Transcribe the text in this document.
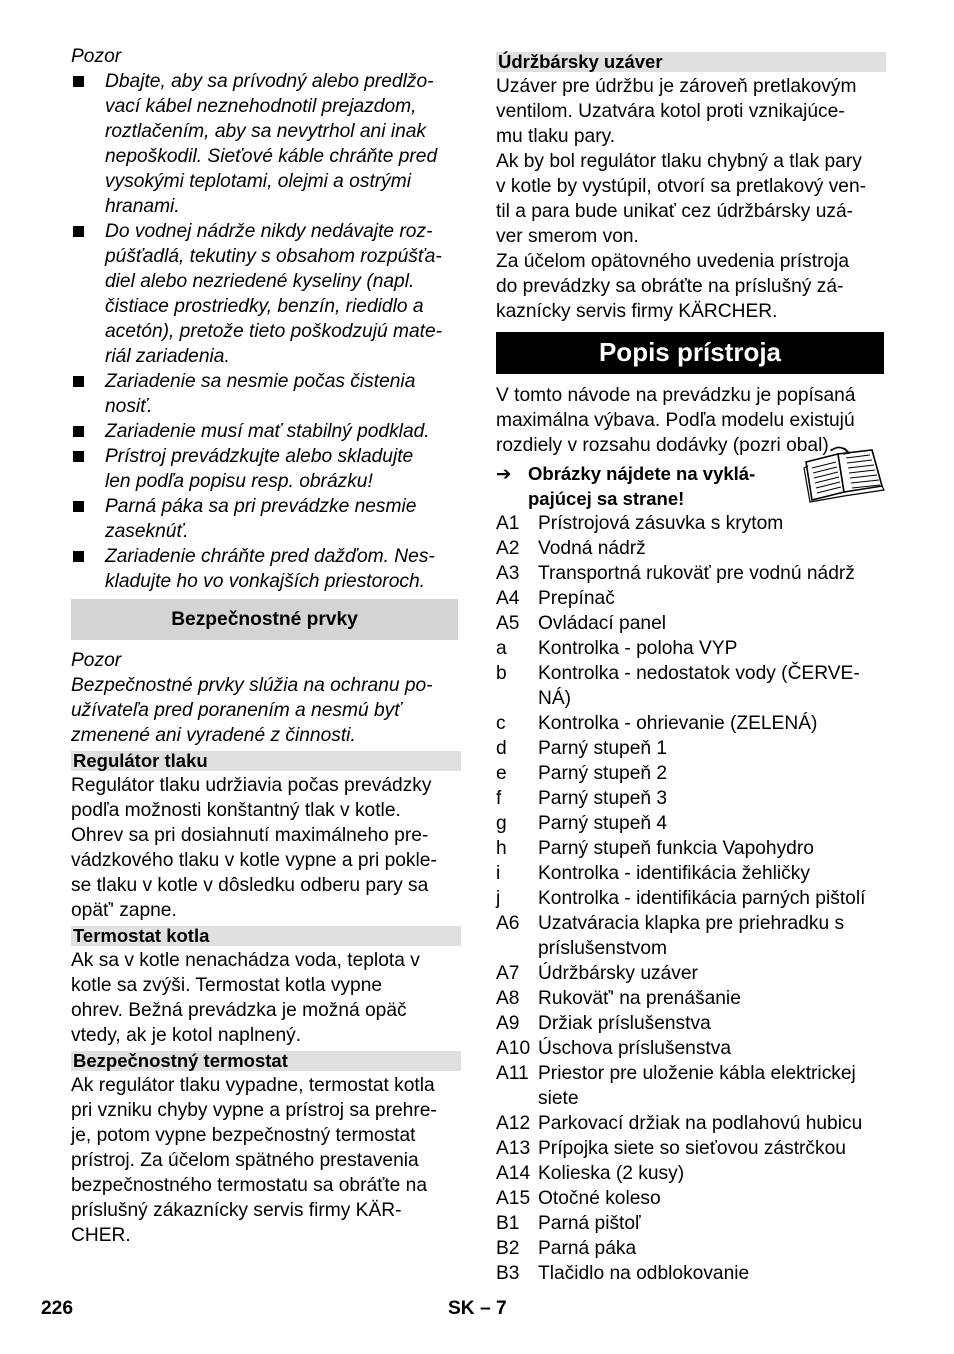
Pozor
Dbajte, aby sa prívodný alebo predlžo-
vací kábel neznehodnotil prejazdom,
roztlačením, aby sa nevytrhol ani inak
nepoškodil. Sieťové káble chráňte pred
vysokými teplotami, olejmi a ostrými
hranami.
Do vodnej nádrže nikdy nedávajte roz-
púšťadlá, tekutiny s obsahom rozpúšťa-
diel alebo nezriedené kyseliny (napl.
čistiace prostriedky, benzín, riedidlo a
acetón), pretože tieto poškodzujú mate-
riál zariadenia.
Zariadenie sa nesmie počas čistenia
nosiť.
Zariadenie musí mať stabilný podklad.
Prístroj prevádzkujte alebo skladujte
len podľa popisu resp. obrázku!
Parná páka sa pri prevádzke nesmie
zaseknúť.
Zariadenie chráňte pred dažďom. Nes-
kladujte ho vo vonkajších priestoroch.
Bezpečnostné prvky
Pozor
Bezpečnostné prvky slúžia na ochranu po-
užívateľa pred poranením a nesmú byť
zmenené ani vyradené z činnosti.
Regulátor tlaku
Regulátor tlaku udržiavia počas prevádzky
podľa možnosti konštantný tlak v kotle.
Ohrev sa pri dosiahnutí maximálneho pre-
vádzkového tlaku v kotle vypne a pri pokle-
se tlaku v kotle v dôsledku odberu pary sa
opäť' zapne.
Termostat kotla
Ak sa v kotle nenachádza voda, teplota v
kotle sa zvýši. Termostat kotla vypne
ohrev. Bežná prevádzka je možná opäč
vtedy, ak je kotol naplnený.
Bezpečnostný termostat
Ak regulátor tlaku vypadne, termostat kotla
pri vzniku chyby vypne a prístroj sa prehre-
je, potom vypne bezpečnostný termostat
prístroj. Za účelom spätného prestavenia
bezpečnostného termostatu sa obráťte na
príslušný zákaznícky servis firmy KÄR-
CHER.
Údržbársky uzáver
Uzáver pre údržbu je zároveň pretlakovým
ventilom. Uzatvára kotol proti vznikajúce-
mu tlaku pary.
Ak by bol regulátor tlaku chybný a tlak pary
v kotle by vystúpil, otvorí sa pretlakový ven-
til a para bude unikať cez údržbársky uzá-
ver smerom von.
Za účelom opätovného uvedenia prístroja
do prevádzky sa obráťte na príslušný zá-
kaznícky servis firmy KÄRCHER.
Popis prístroja
V tomto návode na prevádzku je popísaná
maximálna výbava. Podľa modelu existujú
rozdiely v rozsahu dodávky (pozri obal).
➔ Obrázky nájdete na vyklá-
pajúcej sa strane!
A1 Prístrojová zásuvka s krytom
A2 Vodná nádrž
A3 Transportná rukoväť pre vodnú nádrž
A4 Prepínač
A5 Ovládací panel
a	Kontrolka - poloha VYP
b	Kontrolka - nedostatok vody (ČERVE-
NÁ)
c	Kontrolka - ohrievanie (ZELENÁ)
d	Parný stupeň 1
e	Parný stupeň 2
f	Parný stupeň 3
g	Parný stupeň 4
h	Parný stupeň funkcia Vapohydro
i	Kontrolka - identifikácia žehličky
j	Kontrolka - identifikácia parných pištolí
A6 Uzatváracia klapka pre priehradku s
príslušenstvom
A7 Údržbársky uzáver
A8 Rukoväť' na prenášanie
A9 Držiak príslušenstva
A10 Úschova príslušenstva
A11 Priestor pre uloženie kábla elektrickej
siete
A12 Parkovací držiak na podlahovú hubicu
A13 Prípojka siete so sieťovou zástrčkou
A14 Kolieska (2 kusy)
A15 Otočné koleso
B1 Parná pištoľ
B2 Parná páka
B3 Tlačidlo na odblokovanie
226	SK – 7
